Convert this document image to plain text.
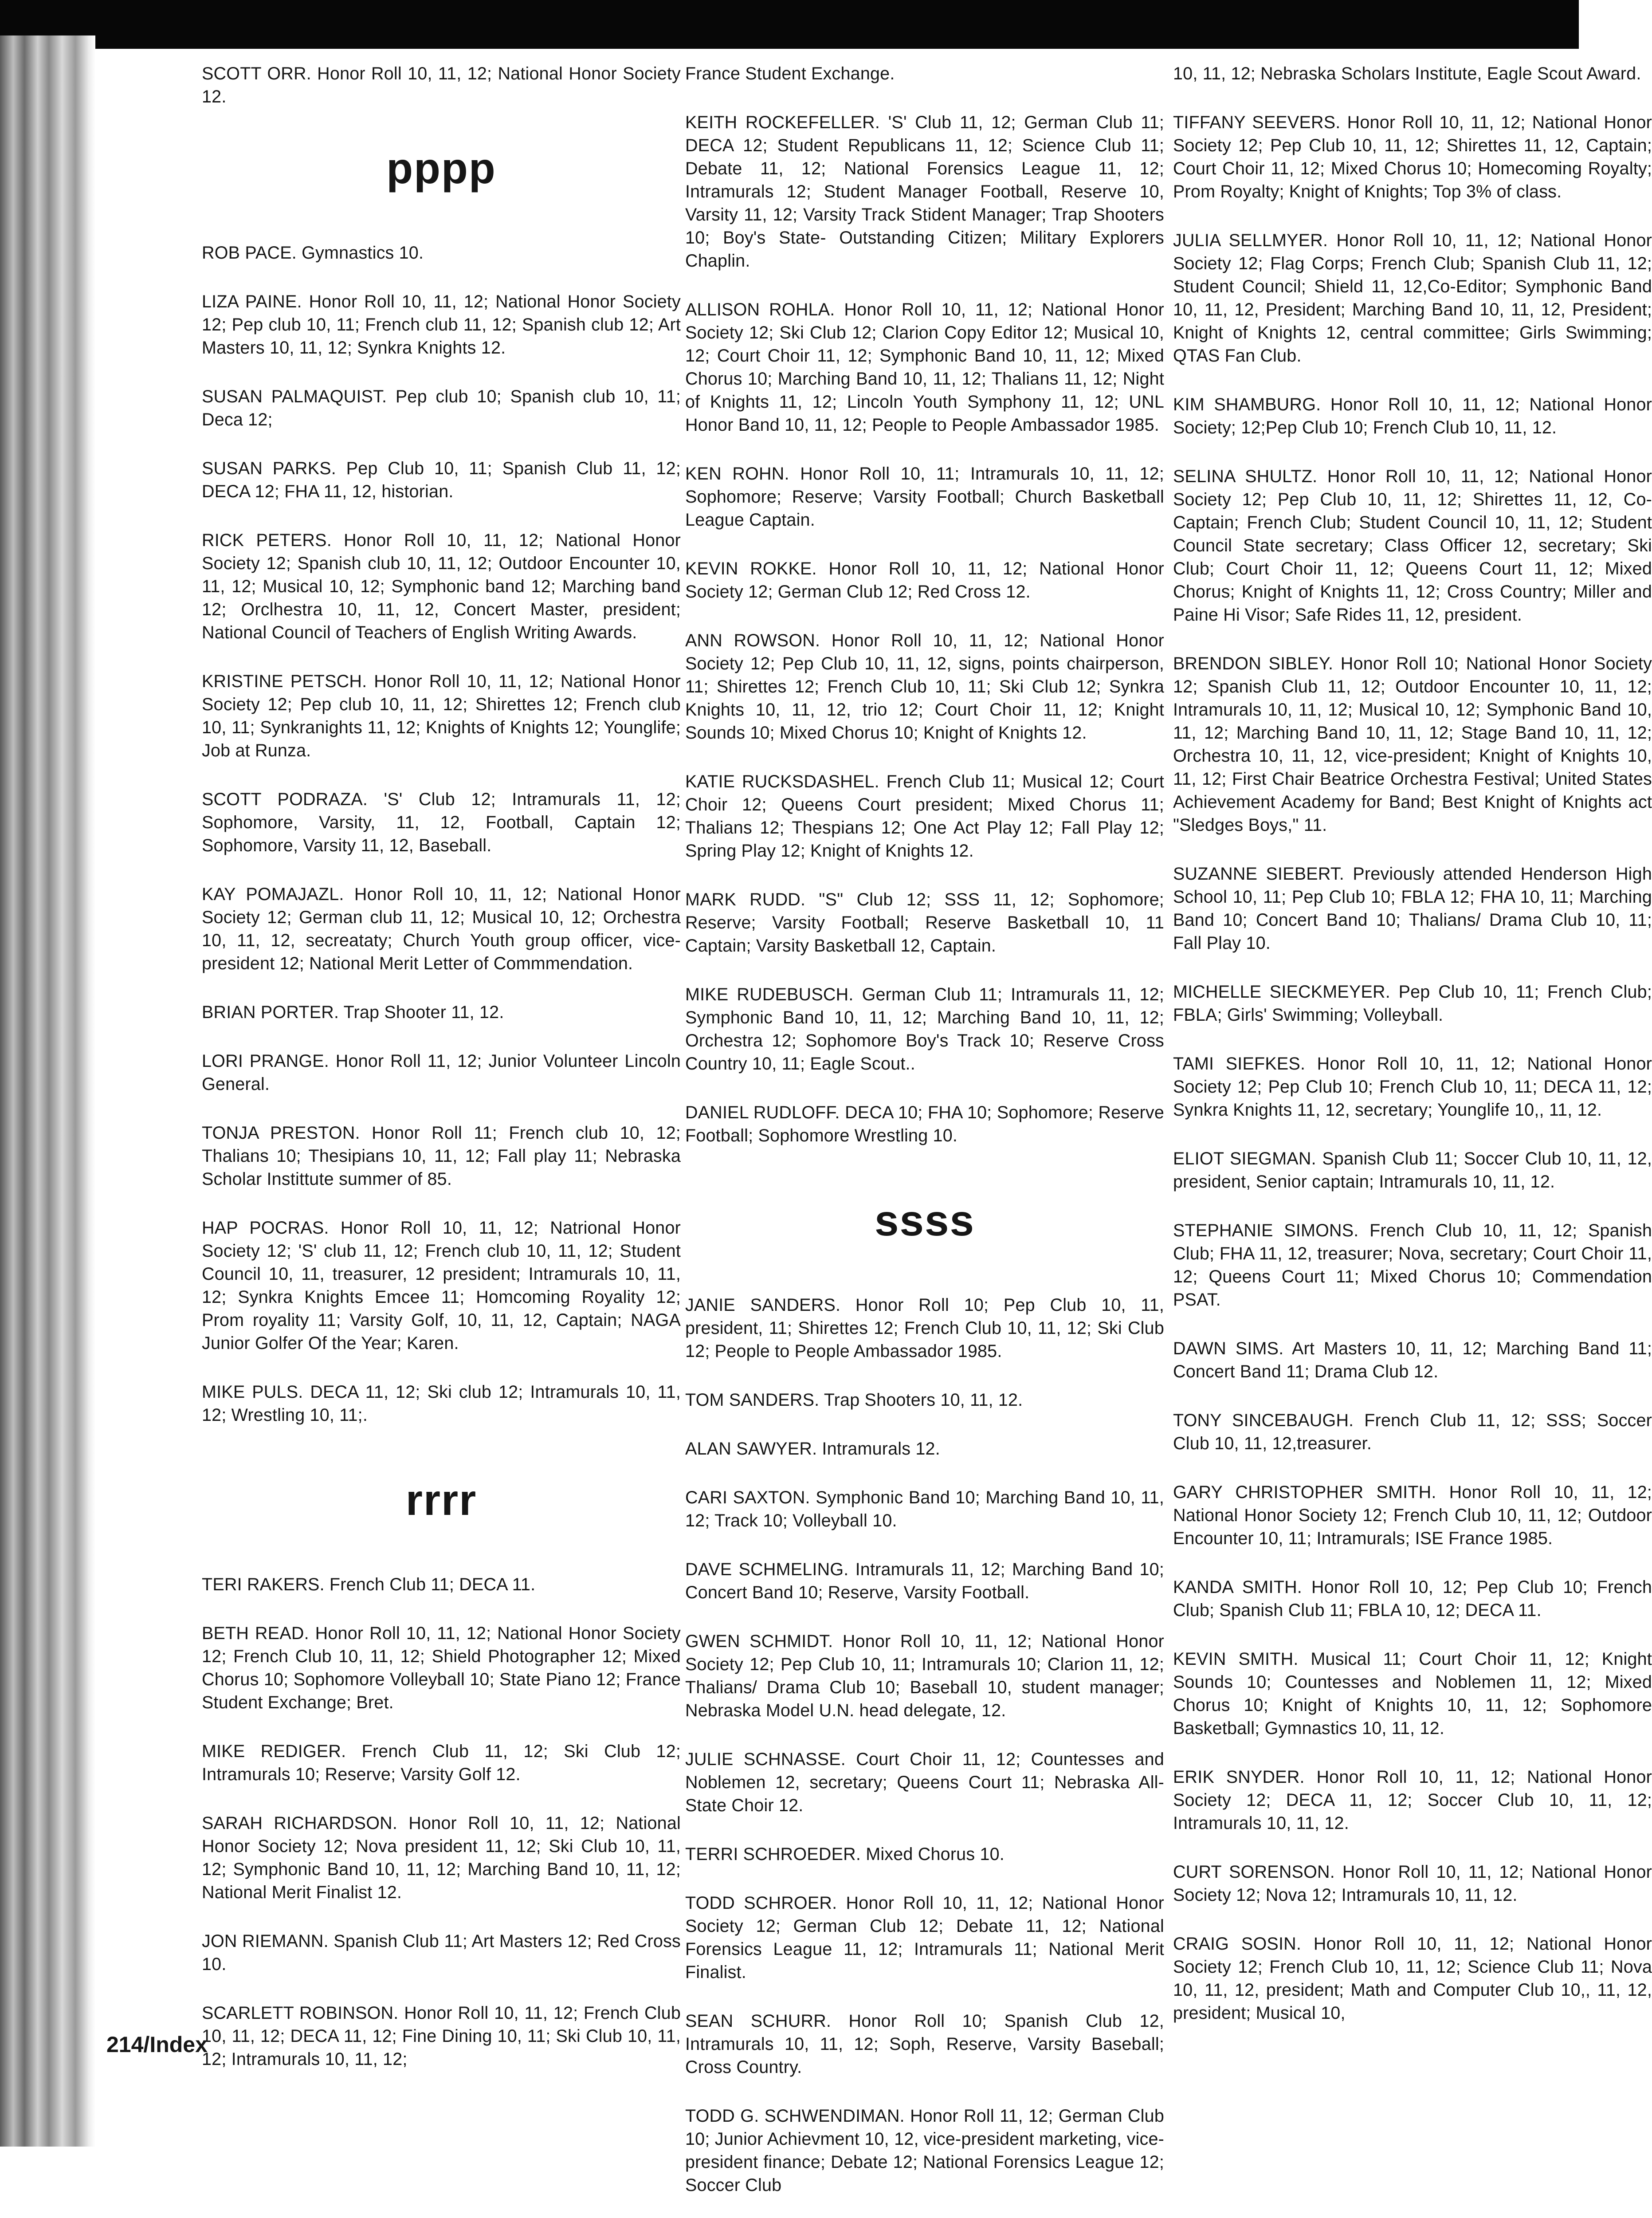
SCOTT ORR. Honor Roll 10, 11, 12; National Honor Society 12.
pppp
ROB PACE. Gymnastics 10.
LIZA PAINE. Honor Roll 10, 11, 12; National Honor Society 12; Pep club 10, 11; French club 11, 12; Spanish club 12; Art Masters 10, 11, 12; Synkra Knights 12.
SUSAN PALMAQUIST. Pep club 10; Spanish club 10, 11; Deca 12;
SUSAN PARKS. Pep Club 10, 11; Spanish Club 11, 12; DECA 12; FHA 11, 12, historian.
RICK PETERS. Honor Roll 10, 11, 12; National Honor Society 12; Spanish club 10, 11, 12; Outdoor Encounter 10, 11, 12; Musical 10, 12; Symphonic band 12; Marching band 12; Orclhestra 10, 11, 12, Concert Master, president; National Council of Teachers of English Writing Awards.
KRISTINE PETSCH. Honor Roll 10, 11, 12; National Honor Society 12; Pep club 10, 11, 12; Shirettes 12; French club 10, 11; Synkranights 11, 12; Knights of Knights 12; Younglife; Job at Runza.
SCOTT PODRAZA. 'S' Club 12; Intramurals 11, 12; Sophomore, Varsity, 11, 12, Football, Captain 12; Sophomore, Varsity 11, 12, Baseball.
KAY POMAJAZL. Honor Roll 10, 11, 12; National Honor Society 12; German club 11, 12; Musical 10, 12; Orchestra 10, 11, 12, secreataty; Church Youth group officer, vice-president 12; National Merit Letter of Commmendation.
BRIAN PORTER. Trap Shooter 11, 12.
LORI PRANGE. Honor Roll 11, 12; Junior Volunteer Lincoln General.
TONJA PRESTON. Honor Roll 11; French club 10, 12; Thalians 10; Thesipians 10, 11, 12; Fall play 11; Nebraska Scholar Instittute summer of 85.
HAP POCRAS. Honor Roll 10, 11, 12; Natrional Honor Society 12; 'S' club 11, 12; French club 10, 11, 12; Student Council 10, 11, treasurer, 12 president; Intramurals 10, 11, 12; Synkra Knights Emcee 11; Homcoming Royality 12; Prom royality 11; Varsity Golf, 10, 11, 12, Captain; NAGA Junior Golfer Of the Year; Karen.
MIKE PULS. DECA 11, 12; Ski club 12; Intramurals 10, 11, 12; Wrestling 10, 11;.
rrrr
TERI RAKERS. French Club 11; DECA 11.
BETH READ. Honor Roll 10, 11, 12; National Honor Society 12; French Club 10, 11, 12; Shield Photographer 12; Mixed Chorus 10; Sophomore Volleyball 10; State Piano 12; France Student Exchange; Bret.
MIKE REDIGER. French Club 11, 12; Ski Club 12; Intramurals 10; Reserve; Varsity Golf 12.
SARAH RICHARDSON. Honor Roll 10, 11, 12; National Honor Society 12; Nova president 11, 12; Ski Club 10, 11, 12; Symphonic Band 10, 11, 12; Marching Band 10, 11, 12; National Merit Finalist 12.
JON RIEMANN. Spanish Club 11; Art Masters 12; Red Cross 10.
SCARLETT ROBINSON. Honor Roll 10, 11, 12; French Club 10, 11, 12; DECA 11, 12; Fine Dining 10, 11; Ski Club 10, 11, 12; Intramurals 10, 11, 12;
France Student Exchange.
KEITH ROCKEFELLER. 'S' Club 11, 12; German Club 11; DECA 12; Student Republicans 11, 12; Science Club 11; Debate 11, 12; National Forensics League 11, 12; Intramurals 12; Student Manager Football, Reserve 10, Varsity 11, 12; Varsity Track Stident Manager; Trap Shooters 10; Boy's State- Outstanding Citizen; Military Explorers Chaplin.
ALLISON ROHLA. Honor Roll 10, 11, 12; National Honor Society 12; Ski Club 12; Clarion Copy Editor 12; Musical 10, 12; Court Choir 11, 12; Symphonic Band 10, 11, 12; Mixed Chorus 10; Marching Band 10, 11, 12; Thalians 11, 12; Night of Knights 11, 12; Lincoln Youth Symphony 11, 12; UNL Honor Band 10, 11, 12; People to People Ambassador 1985.
KEN ROHN. Honor Roll 10, 11; Intramurals 10, 11, 12; Sophomore; Reserve; Varsity Football; Church Basketball League Captain.
KEVIN ROKKE. Honor Roll 10, 11, 12; National Honor Society 12; German Club 12; Red Cross 12.
ANN ROWSON. Honor Roll 10, 11, 12; National Honor Society 12; Pep Club 10, 11, 12, signs, points chairperson, 11; Shirettes 12; French Club 10, 11; Ski Club 12; Synkra Knights 10, 11, 12, trio 12; Court Choir 11, 12; Knight Sounds 10; Mixed Chorus 10; Knight of Knights 12.
KATIE RUCKSDASHEL. French Club 11; Musical 12; Court Choir 12; Queens Court president; Mixed Chorus 11; Thalians 12; Thespians 12; One Act Play 12; Fall Play 12; Spring Play 12; Knight of Knights 12.
MARK RUDD. "S" Club 12; SSS 11, 12; Sophomore; Reserve; Varsity Football; Reserve Basketball 10, 11 Captain; Varsity Basketball 12, Captain.
MIKE RUDEBUSCH. German Club 11; Intramurals 11, 12; Symphonic Band 10, 11, 12; Marching Band 10, 11, 12; Orchestra 12; Sophomore Boy's Track 10; Reserve Cross Country 10, 11; Eagle Scout..
DANIEL RUDLOFF. DECA 10; FHA 10; Sophomore; Reserve Football; Sophomore Wrestling 10.
ssss
JANIE SANDERS. Honor Roll 10; Pep Club 10, 11, president, 11; Shirettes 12; French Club 10, 11, 12; Ski Club 12; People to People Ambassador 1985.
TOM SANDERS. Trap Shooters 10, 11, 12.
ALAN SAWYER. Intramurals 12.
CARI SAXTON. Symphonic Band 10; Marching Band 10, 11, 12; Track 10; Volleyball 10.
DAVE SCHMELING. Intramurals 11, 12; Marching Band 10; Concert Band 10; Reserve, Varsity Football.
GWEN SCHMIDT. Honor Roll 10, 11, 12; National Honor Society 12; Pep Club 10, 11; Intramurals 10; Clarion 11, 12; Thalians/ Drama Club 10; Baseball 10, student manager; Nebraska Model U.N. head delegate, 12.
JULIE SCHNASSE. Court Choir 11, 12; Countesses and Noblemen 12, secretary; Queens Court 11; Nebraska All-State Choir 12.
TERRI SCHROEDER. Mixed Chorus 10.
TODD SCHROER. Honor Roll 10, 11, 12; National Honor Society 12; German Club 12; Debate 11, 12; National Forensics League 11, 12; Intramurals 11; National Merit Finalist.
SEAN SCHURR. Honor Roll 10; Spanish Club 12, Intramurals 10, 11, 12; Soph, Reserve, Varsity Baseball; Cross Country.
TODD G. SCHWENDIMAN. Honor Roll 11, 12; German Club 10; Junior Achievment 10, 12, vice-president marketing, vice-president finance; Debate 12; National Forensics League 12; Soccer Club
10, 11, 12; Nebraska Scholars Institute, Eagle Scout Award.
TIFFANY SEEVERS. Honor Roll 10, 11, 12; National Honor Society 12; Pep Club 10, 11, 12; Shirettes 11, 12, Captain; Court Choir 11, 12; Mixed Chorus 10; Homecoming Royalty; Prom Royalty; Knight of Knights; Top 3% of class.
JULIA SELLMYER. Honor Roll 10, 11, 12; National Honor Society 12; Flag Corps; French Club; Spanish Club 11, 12; Student Council; Shield 11, 12,Co-Editor; Symphonic Band 10, 11, 12, President; Marching Band 10, 11, 12, President; Knight of Knights 12, central committee; Girls Swimming; QTAS Fan Club.
KIM SHAMBURG. Honor Roll 10, 11, 12; National Honor Society; 12;Pep Club 10; French Club 10, 11, 12.
SELINA SHULTZ. Honor Roll 10, 11, 12; National Honor Society 12; Pep Club 10, 11, 12; Shirettes 11, 12, Co-Captain; French Club; Student Council 10, 11, 12; Student Council State secretary; Class Officer 12, secretary; Ski Club; Court Choir 11, 12; Queens Court 11, 12; Mixed Chorus; Knight of Knights 11, 12; Cross Country; Miller and Paine Hi Visor; Safe Rides 11, 12, president.
BRENDON SIBLEY. Honor Roll 10; National Honor Society 12; Spanish Club 11, 12; Outdoor Encounter 10, 11, 12; Intramurals 10, 11, 12; Musical 10, 12; Symphonic Band 10, 11, 12; Marching Band 10, 11, 12; Stage Band 10, 11, 12; Orchestra 10, 11, 12, vice-president; Knight of Knights 10, 11, 12; First Chair Beatrice Orchestra Festival; United States Achievement Academy for Band; Best Knight of Knights act "Sledges Boys," 11.
SUZANNE SIEBERT. Previously attended Henderson High School 10, 11; Pep Club 10; FBLA 12; FHA 10, 11; Marching Band 10; Concert Band 10; Thalians/ Drama Club 10, 11; Fall Play 10.
MICHELLE SIECKMEYER. Pep Club 10, 11; French Club; FBLA; Girls' Swimming; Volleyball.
TAMI SIEFKES. Honor Roll 10, 11, 12; National Honor Society 12; Pep Club 10; French Club 10, 11; DECA 11, 12; Synkra Knights 11, 12, secretary; Younglife 10,, 11, 12.
ELIOT SIEGMAN. Spanish Club 11; Soccer Club 10, 11, 12, president, Senior captain; Intramurals 10, 11, 12.
STEPHANIE SIMONS. French Club 10, 11, 12; Spanish Club; FHA 11, 12, treasurer; Nova, secretary; Court Choir 11, 12; Queens Court 11; Mixed Chorus 10; Commendation PSAT.
DAWN SIMS. Art Masters 10, 11, 12; Marching Band 11; Concert Band 11; Drama Club 12.
TONY SINCEBAUGH. French Club 11, 12; SSS; Soccer Club 10, 11, 12,treasurer.
GARY CHRISTOPHER SMITH. Honor Roll 10, 11, 12; National Honor Society 12; French Club 10, 11, 12; Outdoor Encounter 10, 11; Intramurals; ISE France 1985.
KANDA SMITH. Honor Roll 10, 12; Pep Club 10; French Club; Spanish Club 11; FBLA 10, 12; DECA 11.
KEVIN SMITH. Musical 11; Court Choir 11, 12; Knight Sounds 10; Countesses and Noblemen 11, 12; Mixed Chorus 10; Knight of Knights 10, 11, 12; Sophomore Basketball; Gymnastics 10, 11, 12.
ERIK SNYDER. Honor Roll 10, 11, 12; National Honor Society 12; DECA 11, 12; Soccer Club 10, 11, 12; Intramurals 10, 11, 12.
CURT SORENSON. Honor Roll 10, 11, 12; National Honor Society 12; Nova 12; Intramurals 10, 11, 12.
CRAIG SOSIN. Honor Roll 10, 11, 12; National Honor Society 12; French Club 10, 11, 12; Science Club 11; Nova 10, 11, 12, president; Math and Computer Club 10,, 11, 12, president; Musical 10,
214/Index
